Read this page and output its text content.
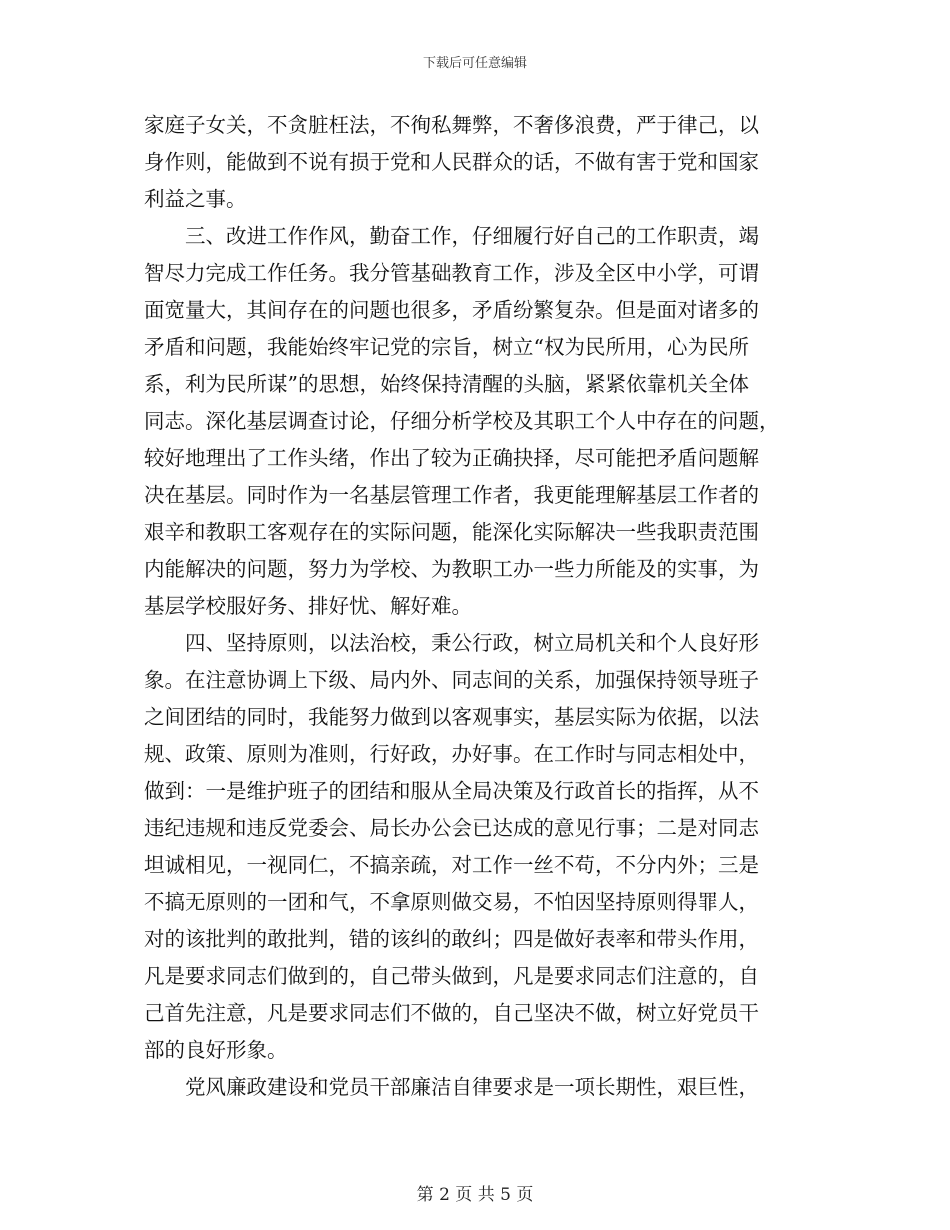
下载后可任意编辑
家庭子女关，不贪脏枉法，不徇私舞弊，不奢侈浪费，严于律己，以
身作则，能做到不说有损于党和人民群众的话，不做有害于党和国家
利益之事。
　　三、改进工作作风，勤奋工作，仔细履行好自己的工作职责，竭
智尽力完成工作任务。我分管基础教育工作，涉及全区中小学，可谓
面宽量大，其间存在的问题也很多，矛盾纷繁复杂。但是面对诸多的
矛盾和问题，我能始终牢记党的宗旨，树立“权为民所用，心为民所
系，利为民所谋”的思想，始终保持清醒的头脑，紧紧依靠机关全体
同志。深化基层调查讨论，仔细分析学校及其职工个人中存在的问题，
较好地理出了工作头绪，作出了较为正确抉择，尽可能把矛盾问题解
决在基层。同时作为一名基层管理工作者，我更能理解基层工作者的
艰辛和教职工客观存在的实际问题，能深化实际解决一些我职责范围
内能解决的问题，努力为学校、为教职工办一些力所能及的实事，为
基层学校服好务、排好忧、解好难。
　　四、坚持原则，以法治校，秉公行政，树立局机关和个人良好形
象。在注意协调上下级、局内外、同志间的关系，加强保持领导班子
之间团结的同时，我能努力做到以客观事实，基层实际为依据，以法
规、政策、原则为准则，行好政，办好事。在工作时与同志相处中，
做到：一是维护班子的团结和服从全局决策及行政首长的指挥，从不
违纪违规和违反党委会、局长办公会已达成的意见行事；二是对同志
坦诚相见，一视同仁，不搞亲疏，对工作一丝不苟，不分内外；三是
不搞无原则的一团和气，不拿原则做交易，不怕因坚持原则得罪人，
对的该批判的敢批判，错的该纠的敢纠；四是做好表率和带头作用，
凡是要求同志们做到的，自己带头做到，凡是要求同志们注意的，自
己首先注意，凡是要求同志们不做的，自己坚决不做，树立好党员干
部的良好形象。
　　党风廉政建设和党员干部廉洁自律要求是一项长期性，艰巨性，
第 2 页 共 5 页
